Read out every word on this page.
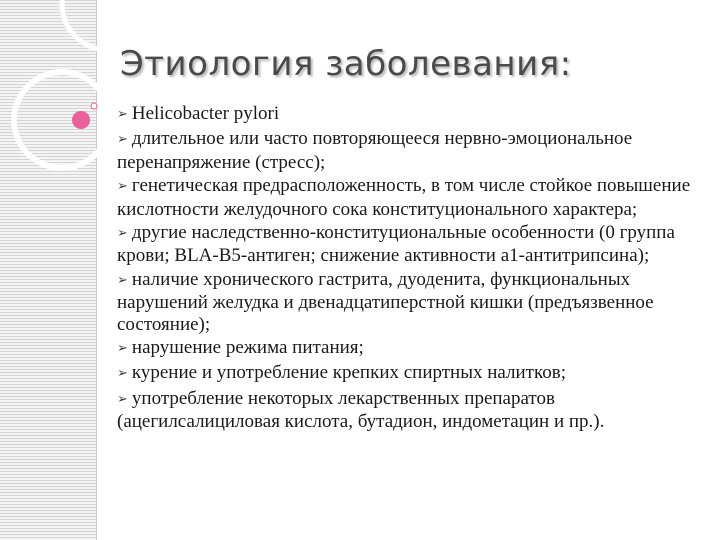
Этиология заболевания:
➢ Helicobacter pylori
➢ длительное или часто повторяющееся нервно-эмоциональное перенапряжение (стресс);
➢ генетическая предрасположенность, в том числе стойкое повышение кислотности желудочного сока конституционального характера;
➢ другие наследственно-конституциональные особенности (0 группа крови; BLA-B5-антиген; снижение активности a1-антитрипсина);
➢ наличие хронического гастрита, дуоденита, функциональных нарушений желудка и двенадцатиперстной кишки (предъязвенное состояние);
➢ нарушение режима питания;
➢ курение и употребление крепких спиртных налитков;
➢ употребление некоторых лекарственных препаратов (ацегилсалициловая кислота, бутадион, индометацин и пр.).
